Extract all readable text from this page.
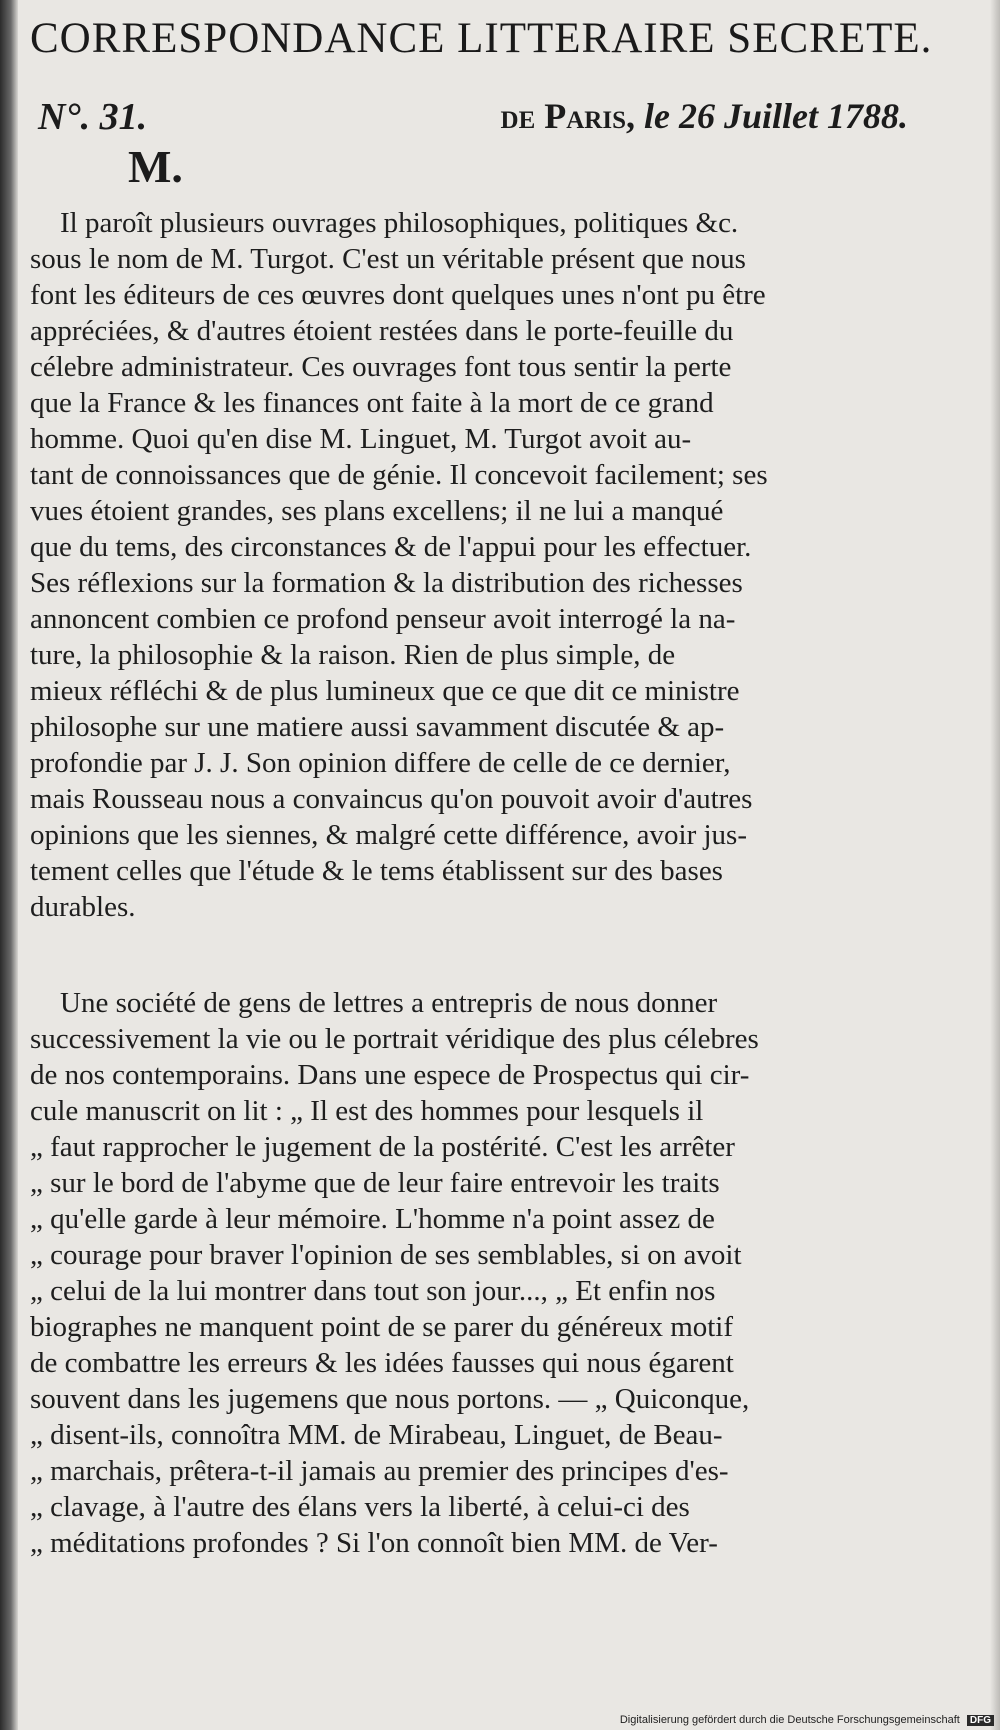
CORRESPONDANCE LITTERAIRE SECRETE.
N°. 31.	de Paris, le 26 Juillet 1788.
M.
Il paroît plusieurs ouvrages philosophiques, politiques &c.
sous le nom de M. Turgot. C'est un véritable présent que nous
font les éditeurs de ces œuvres dont quelques unes n'ont pu être
appréciées, & d'autres étoient restées dans le porte-feuille du
célebre administrateur. Ces ouvrages font tous sentir la perte
que la France & les finances ont faite à la mort de ce grand
homme. Quoi qu'en dise M. Linguet, M. Turgot avoit au-
tant de connoissances que de génie. Il concevoit facilement; ses
vues étoient grandes, ses plans excellens; il ne lui a manqué
que du tems, des circonstances & de l'appui pour les effectuer.
Ses réflexions sur la formation & la distribution des richesses
annoncent combien ce profond penseur avoit interrogé la na-
ture, la philosophie & la raison. Rien de plus simple, de
mieux réfléchi & de plus lumineux que ce que dit ce ministre
philosophe sur une matiere aussi savamment discutée & ap-
profondie par J. J. Son opinion differe de celle de ce dernier,
mais Rousseau nous a convaincus qu'on pouvoit avoir d'autres
opinions que les siennes, & malgré cette différence, avoir jus-
tement celles que l'étude & le tems établissent sur des bases
durables.
Une société de gens de lettres a entrepris de nous donner
successivement la vie ou le portrait véridique des plus célebres
de nos contemporains. Dans une espece de Prospectus qui cir-
cule manuscrit on lit : „ Il est des hommes pour lesquels il
„ faut rapprocher le jugement de la postérité. C'est les arrêter
„ sur le bord de l'abyme que de leur faire entrevoir les traits
„ qu'elle garde à leur mémoire. L'homme n'a point assez de
„ courage pour braver l'opinion de ses semblables, si on avoit
„ celui de la lui montrer dans tout son jour..., „ Et enfin nos
biographes ne manquent point de se parer du généreux motif
de combattre les erreurs & les idées fausses qui nous égarent
souvent dans les jugemens que nous portons. — „ Quiconque,
„ disent-ils, connoîtra MM. de Mirabeau, Linguet, de Beau-
„ marchais, prêtera-t-il jamais au premier des principes d'es-
„ clavage, à l'autre des élans vers la liberté, à celui-ci des
„ méditations profondes ? Si l'on connoît bien MM. de Ver-
Digitalisierung gefördert durch die Deutsche Forschungsgemeinschaft DFG
